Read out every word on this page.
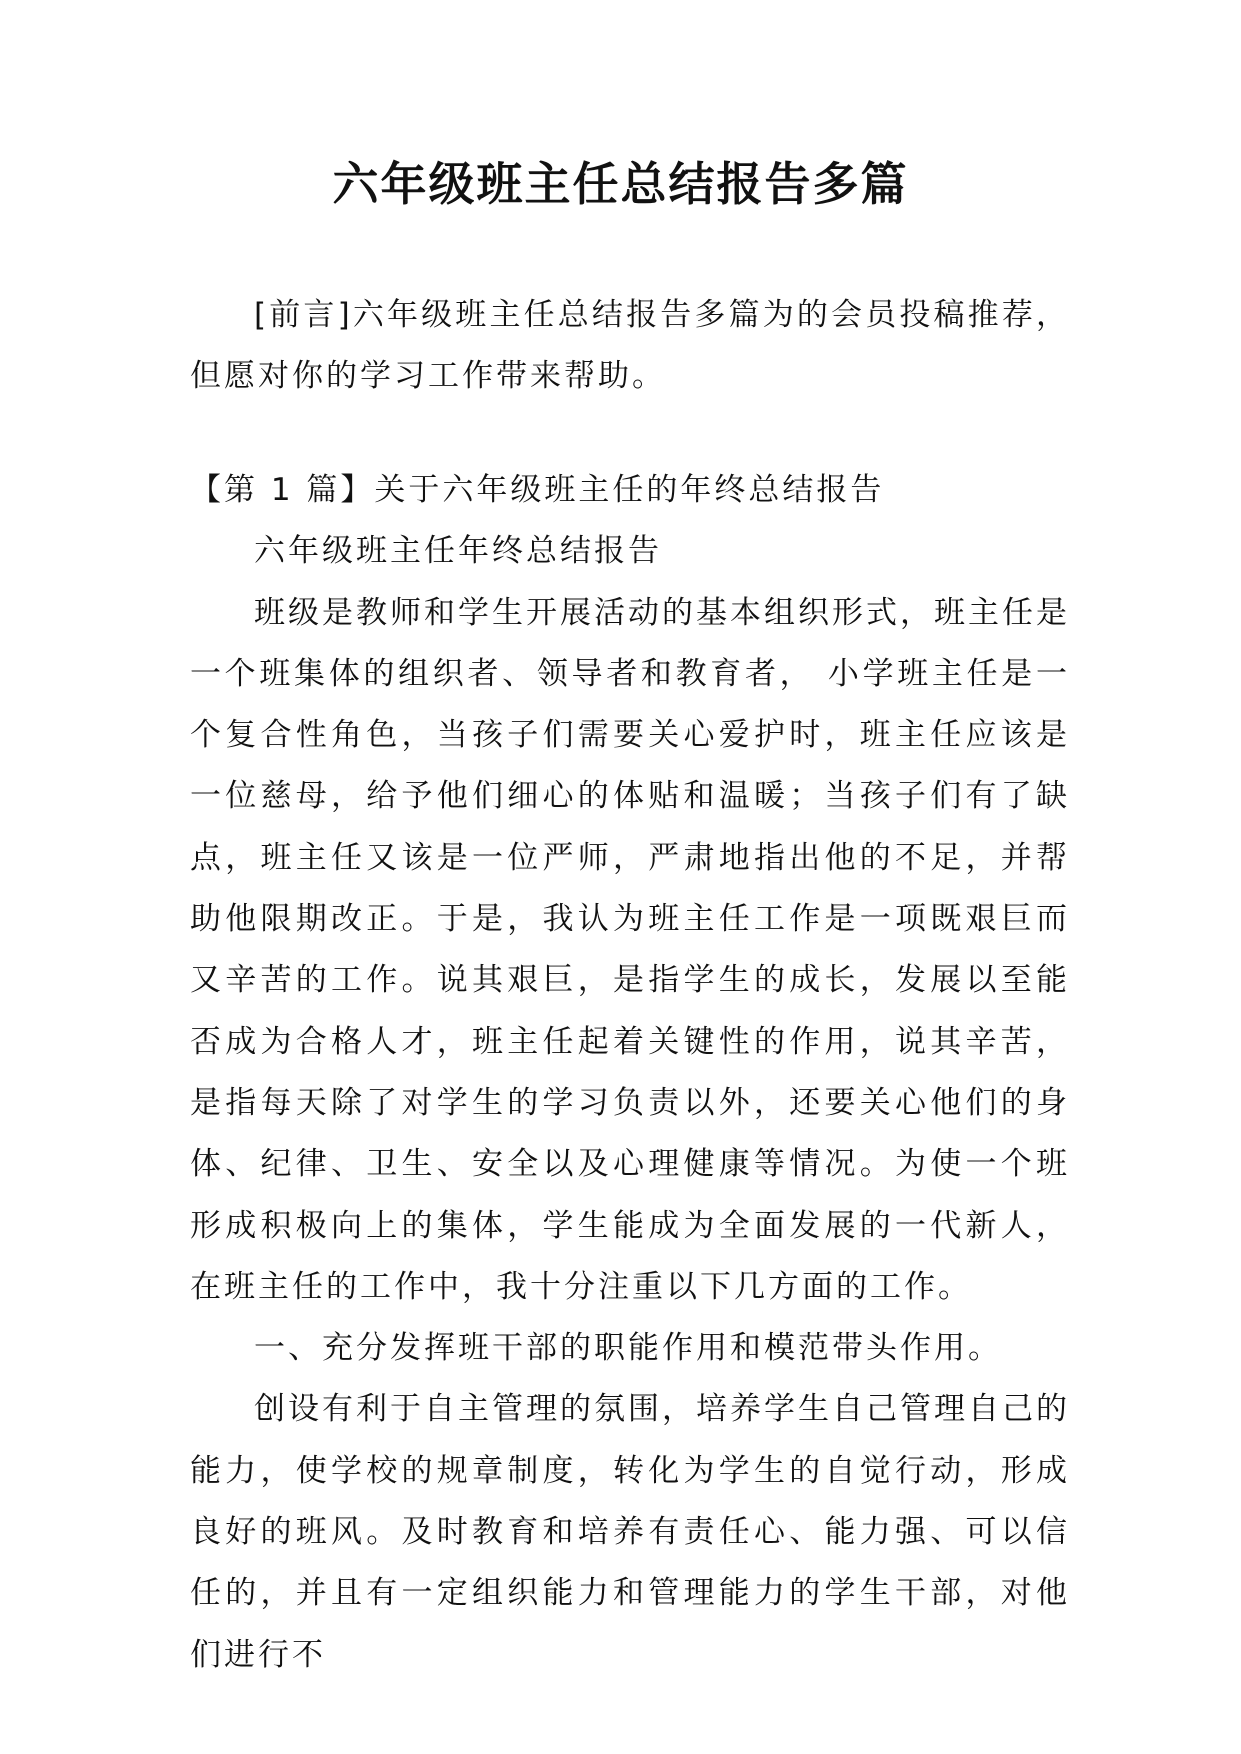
六年级班主任总结报告多篇
[前言]六年级班主任总结报告多篇为的会员投稿推荐，但愿对你的学习工作带来帮助。

【第 1 篇】关于六年级班主任的年终总结报告

六年级班主任年终总结报告

班级是教师和学生开展活动的基本组织形式，班主任是一个班集体的组织者、领导者和教育者， 小学班主任是一个复合性角色，当孩子们需要关心爱护时，班主任应该是一位慈母，给予他们细心的体贴和温暖；当孩子们有了缺点，班主任又该是一位严师，严肃地指出他的不足，并帮助他限期改正。于是，我认为班主任工作是一项既艰巨而又辛苦的工作。说其艰巨，是指学生的成长，发展以至能否成为合格人才，班主任起着关键性的作用，说其辛苦，是指每天除了对学生的学习负责以外，还要关心他们的身体、纪律、卫生、安全以及心理健康等情况。为使一个班形成积极向上的集体，学生能成为全面发展的一代新人，在班主任的工作中，我十分注重以下几方面的工作。

一、充分发挥班干部的职能作用和模范带头作用。

创设有利于自主管理的氛围，培养学生自己管理自己的能力，使学校的规章制度，转化为学生的自觉行动，形成良好的班风。及时教育和培养有责任心、能力强、可以信任的，并且有一定组织能力和管理能力的学生干部，对他们进行不
